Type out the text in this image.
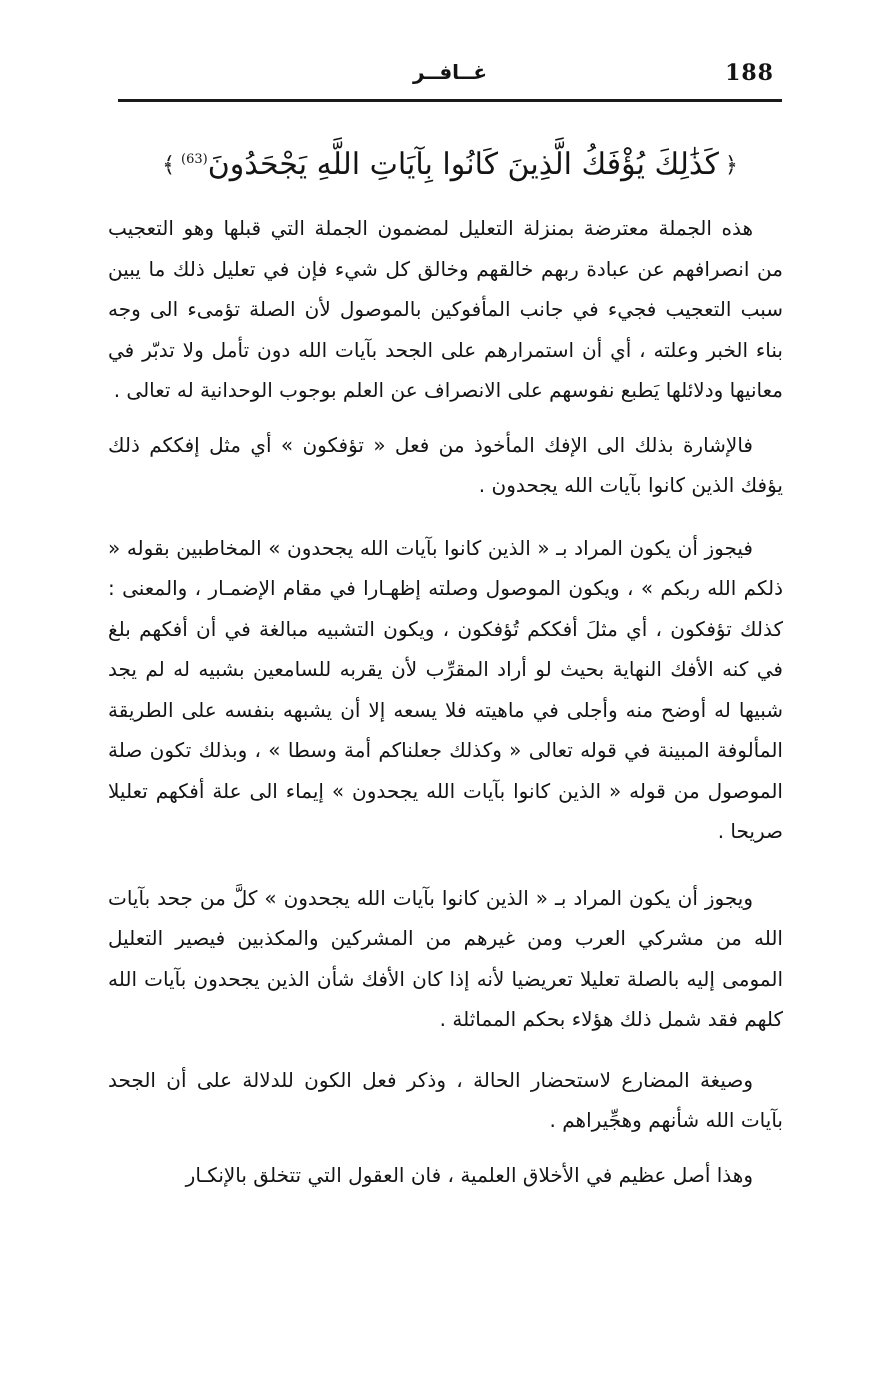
188
غــافــر
﴿كَذَٰلِكَ يُؤْفَكُ الَّذِينَ كَانُوا بِآيَاتِ اللَّهِ يَجْحَدُونَ$^{(63)}$﴾

هذه الجملة معترضة بمنزلة التعليل لمضمون الجملة التي قبلها وهو التعجيب من انصرافهم عن عبادة ربهم خالقهم وخالق كل شيء ﻓﺈن في تعليل ذلك ما يبين سبب التعجيب فجيء في جانب المأفوكين بالموصول لأن الصلة تؤمىء الى وجه بناء الخبر وعلته ، أي أن استمرارهم على الجحد بآيات الله دون تأمل ولا تدبّر في معانيها ودلائلها يَطبع نفوسهم على الانصراف عن العلم بوجوب الوحدانية له تعالى .

فالإشارة بذلك الى الإفك المأخوذ من فعل « تؤفكون » أي مثل إفككم ذلك يؤفك الذين كانوا بآيات الله يجحدون .

فيجوز أن يكون المراد بـ « الذين كانوا بآيات الله يجحدون » المخاطبين بقوله « ذلكم الله ربكم » ، ويكون الموصول وصلته إظهـارا في مقام الإضمـار ، والمعنى : كذلك تؤفكون ، أي مثلَ أفككم تُؤفكون ، ويكون التشبيه مبالغة في أن أفكهم بلغ في كنه الأفك النهاية بحيث لو أراد المقرِّب لأن يقربه للسامعين بشبيه له لم يجد شبيها له أوضح منه وأجلى في ماهيته فلا يسعه إلا أن يشبهه بنفسه على الطريقة المألوفة المبينة في قوله تعالى « وكذلك جعلناكم أمة وسطا » ، وبذلك تكون صلة الموصول من قوله « الذين كانوا بآيات الله يجحدون » إيماء الى علة أفكهم تعليلا صريحا .

ويجوز أن يكون المراد بـ « الذين كانوا بآيات الله يجحدون » كلَّ من جحد بآيات الله من مشركي العرب ومن غيرهم من المشركين والمكذبين فيصير التعليل المومى إليه بالصلة تعليلا تعريضيا لأنه إذا كان الأفك شأن الذين يجحدون بآيات الله كلهم فقد شمل ذلك هؤلاء بحكم المماثلة .

وصيغة المضارع لاستحضار الحالة ، وذكر فعل الكون للدلالة على أن الجحد بآيات الله شأنهم وهجِّيراهم .

وهذا أصل عظيم في الأخلاق العلمية ، فان العقول التي تتخلق بالإنكـار
